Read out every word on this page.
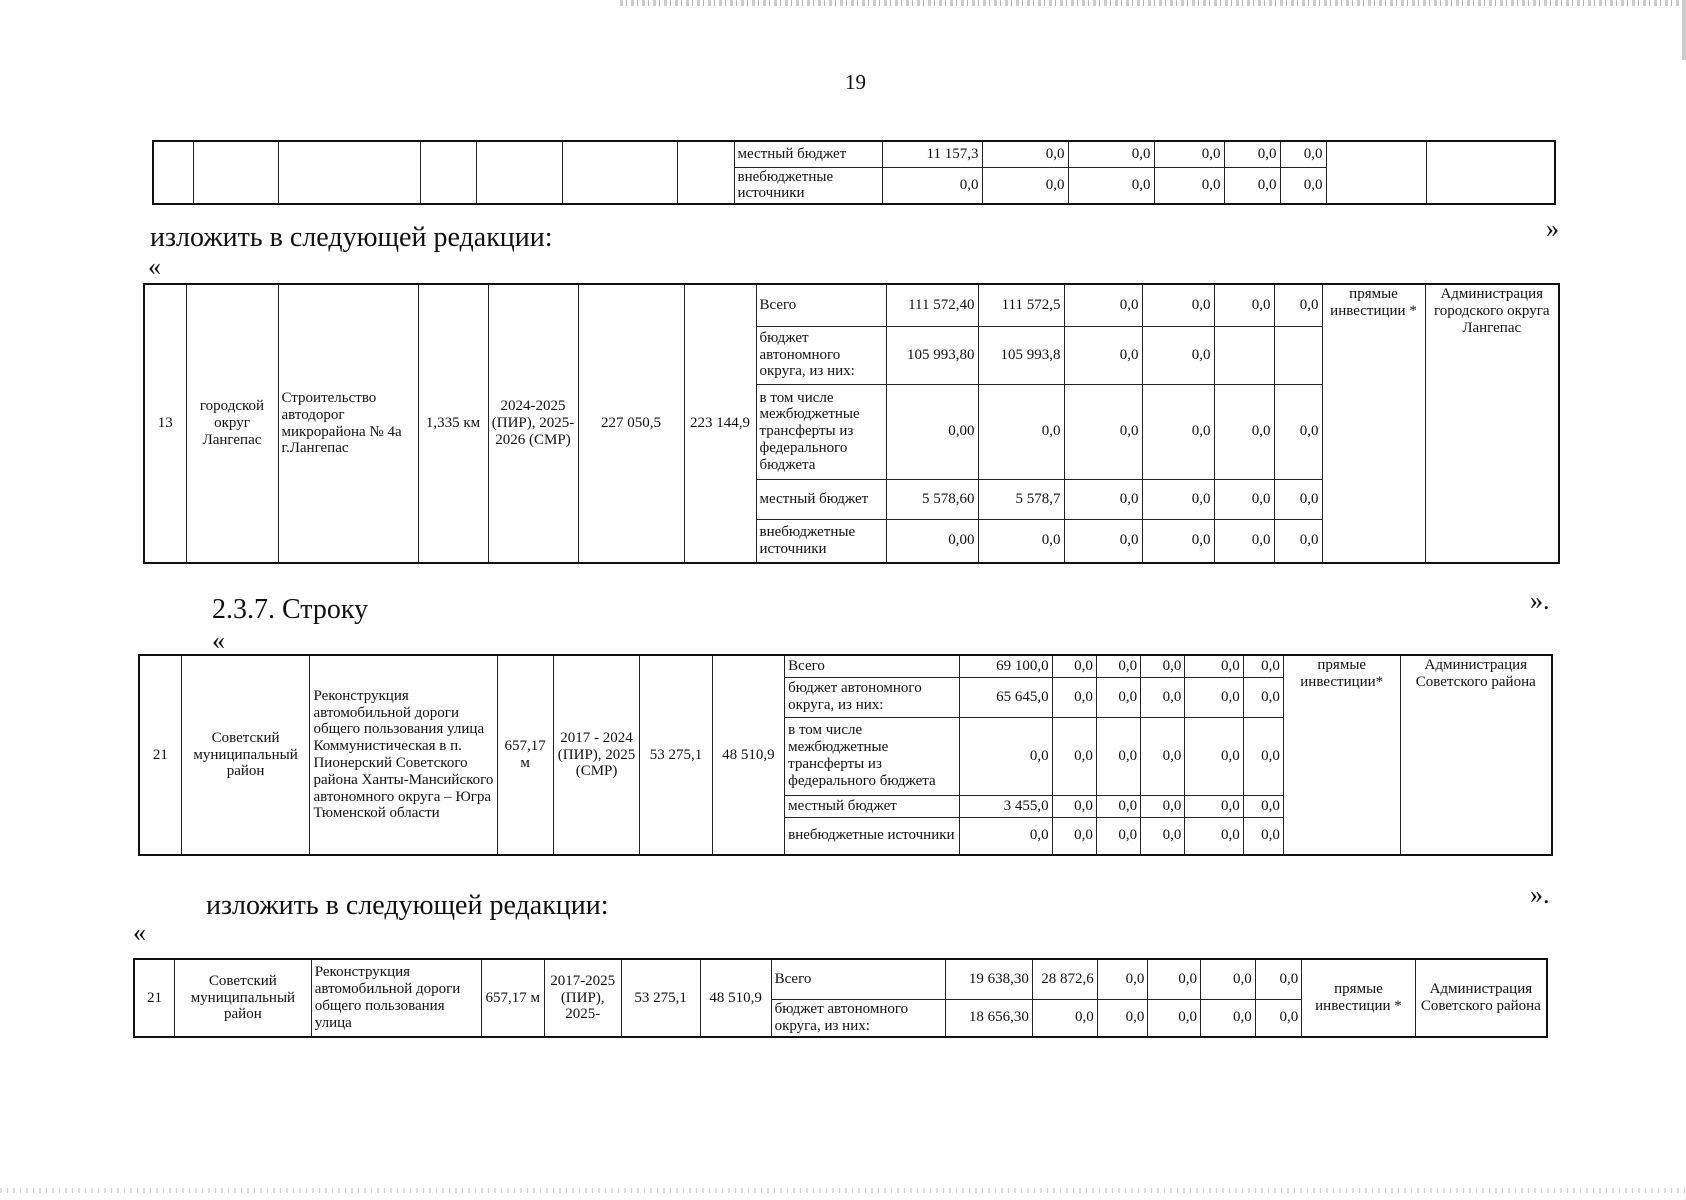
19
							местный бюджет	11 157,3	0,0	0,0	0,0	0,0	0,0		
							внебюджетные источники	0,0	0,0	0,0	0,0	0,0	0,0		
изложить в следующей редакции:	»
«
13	городской округ Лангепас	Строительство автодорог микрорайона № 4а г.Лангепас	1,335 км	2024-2025 (ПИР), 2025-2026 (СМР)	227 050,5	223 144,9	Всего	111 572,40	111 572,5	0,0	0,0	0,0	0,0	прямые инвестиции *	Администрация городского округа Лангепас
							бюджет автономного округа, из них:	105 993,80	105 993,8	0,0	0,0				
							в том числе межбюджетные трансферты из федерального бюджета	0,00	0,0	0,0	0,0	0,0	0,0		
							местный бюджет	5 578,60	5 578,7	0,0	0,0	0,0	0,0		
							внебюджетные источники	0,00	0,0	0,0	0,0	0,0	0,0		
2.3.7. Строку	».
«
21	Советский муниципальный район	Реконструкция автомобильной дороги общего пользования улица Коммунистическая в п. Пионерский Советского района Ханты-Мансийского автономного округа – Югра Тюменской области	657,17 м	2017 - 2024 (ПИР), 2025 (СМР)	53 275,1	48 510,9	Всего	69 100,0	0,0	0,0	0,0	0,0	0,0	прямые инвестиции*	Администрация Советского района
							бюджет автономного округа, из них:	65 645,0	0,0	0,0	0,0	0,0	0,0		
							в том числе межбюджетные трансферты из федерального бюджета	0,0	0,0	0,0	0,0	0,0	0,0		
							местный бюджет	3 455,0	0,0	0,0	0,0	0,0	0,0		
							внебюджетные источники	0,0	0,0	0,0	0,0	0,0	0,0		
изложить в следующей редакции:	».
«
21	Советский муниципальный район	Реконструкция автомобильной дороги общего пользования улица	657,17 м	2017-2025 (ПИР), 2025-	53 275,1	48 510,9	Всего	19 638,30	28 872,6	0,0	0,0	0,0	0,0	прямые инвестиции *	Администрация Советского района
							бюджет автономного округа, из них:	18 656,30	0,0	0,0	0,0	0,0	0,0		
